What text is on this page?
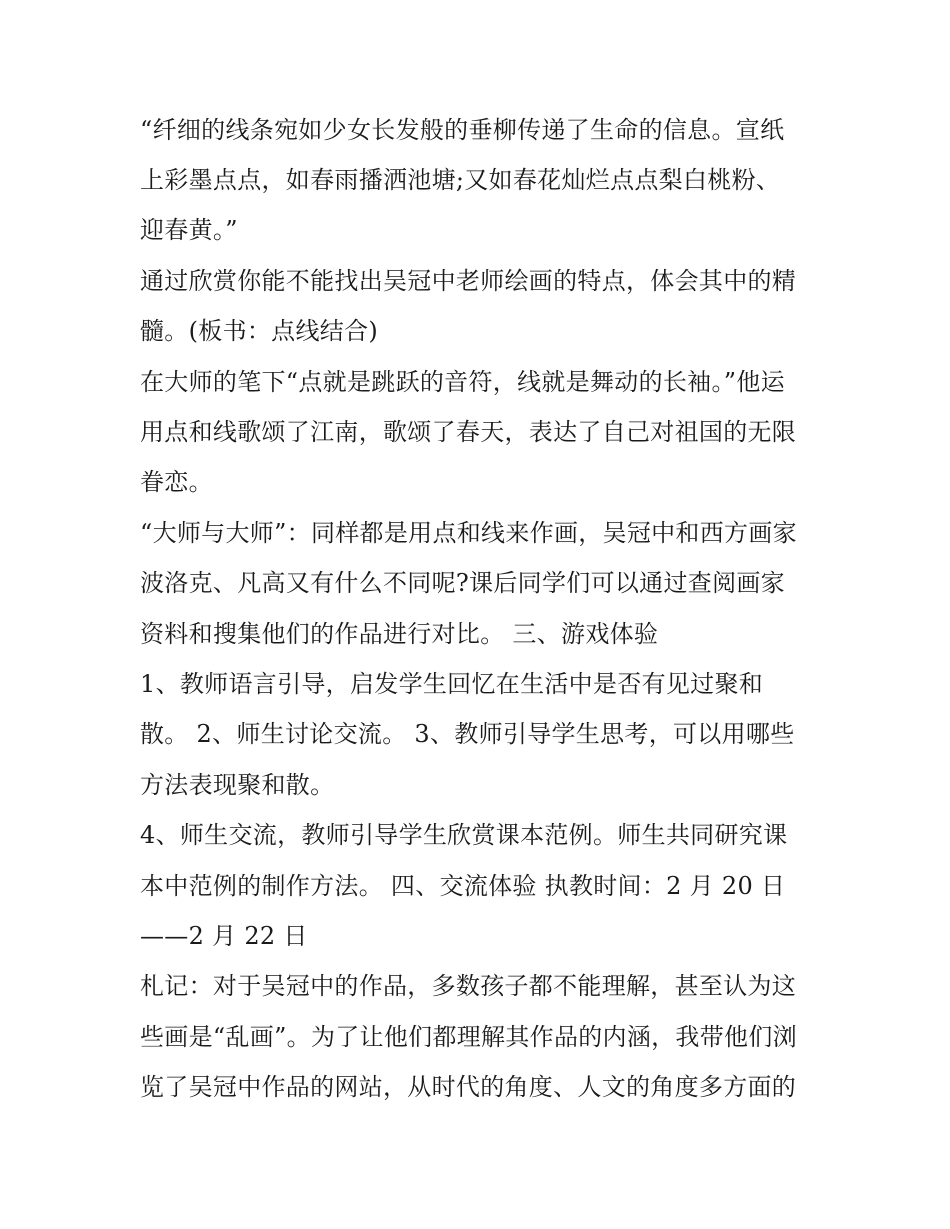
“纤细的线条宛如少女长发般的垂柳传递了生命的信息。宣纸
上彩墨点点，如春雨播洒池塘;又如春花灿烂点点梨白桃粉、
迎春黄。”
通过欣赏你能不能找出吴冠中老师绘画的特点，体会其中的精
髓。(板书：点线结合)
在大师的笔下“点就是跳跃的音符，线就是舞动的长袖。”他运
用点和线歌颂了江南，歌颂了春天，表达了自己对祖国的无限
眷恋。
“大师与大师”：同样都是用点和线来作画，吴冠中和西方画家
波洛克、凡高又有什么不同呢?课后同学们可以通过查阅画家
资料和搜集他们的作品进行对比。 三、游戏体验
1、教师语言引导，启发学生回忆在生活中是否有见过聚和
散。 2、师生讨论交流。 3、教师引导学生思考，可以用哪些
方法表现聚和散。
4、师生交流，教师引导学生欣赏课本范例。师生共同研究课
本中范例的制作方法。 四、交流体验 执教时间：2 月 20 日
——2 月 22 日
札记：对于吴冠中的作品，多数孩子都不能理解，甚至认为这
些画是“乱画”。为了让他们都理解其作品的内涵，我带他们浏
览了吴冠中作品的网站，从时代的角度、人文的角度多方面的
